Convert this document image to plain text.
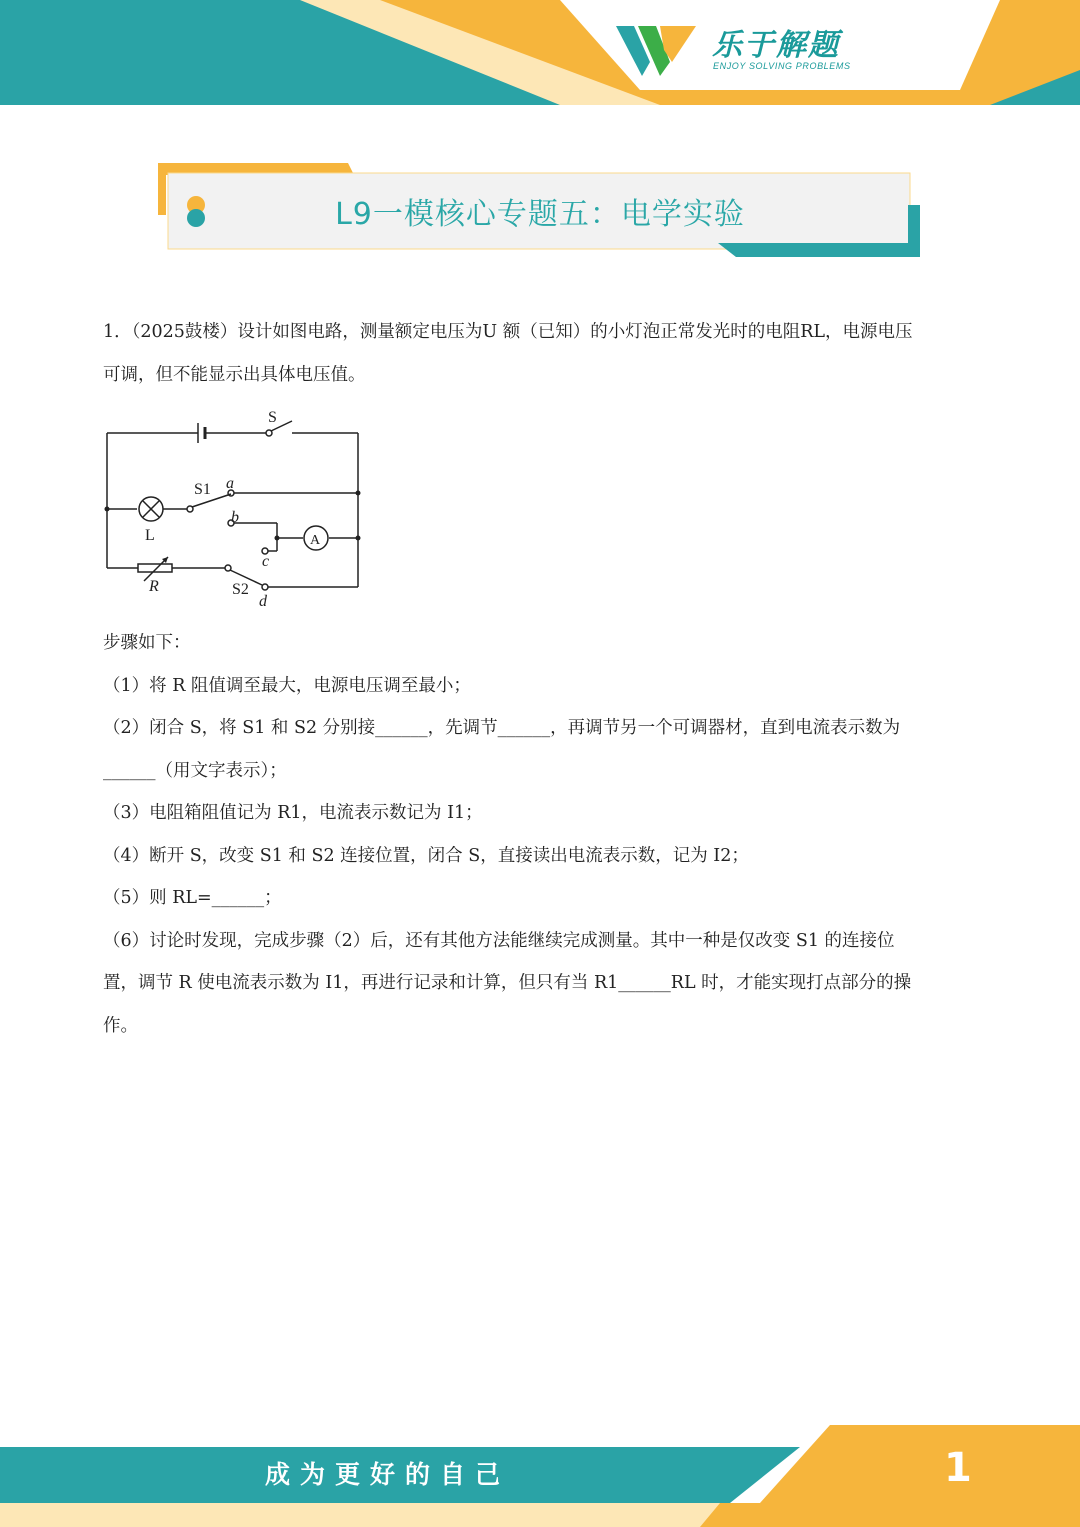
乐于解题
ENJOY SOLVING PROBLEMS
L9一模核心专题五：电学实验
1．（2025鼓楼）设计如图电路，测量额定电压为U 额（已知）的小灯泡正常发光时的电阻RL，电源电压
可调，但不能显示出具体电压值。
S
S1 a
b
c
d
L	A
R	S2
步骤如下：
（1）将 R 阻值调至最大，电源电压调至最小；
（2）闭合 S，将 S1 和 S2 分别接______，先调节______，再调节另一个可调器材，直到电流表示数为
______（用文字表示）；
（3）电阻箱阻值记为 R1，电流表示数记为 I1；
（4）断开 S，改变 S1 和 S2 连接位置，闭合 S，直接读出电流表示数，记为 I2；
（5）则 RL=______；
（6）讨论时发现，完成步骤（2）后，还有其他方法能继续完成测量。其中一种是仅改变 S1 的连接位
置，调节 R 使电流表示数为 I1，再进行记录和计算，但只有当 R1______RL 时，才能实现打点部分的操
作。
成为更好的自己	1
